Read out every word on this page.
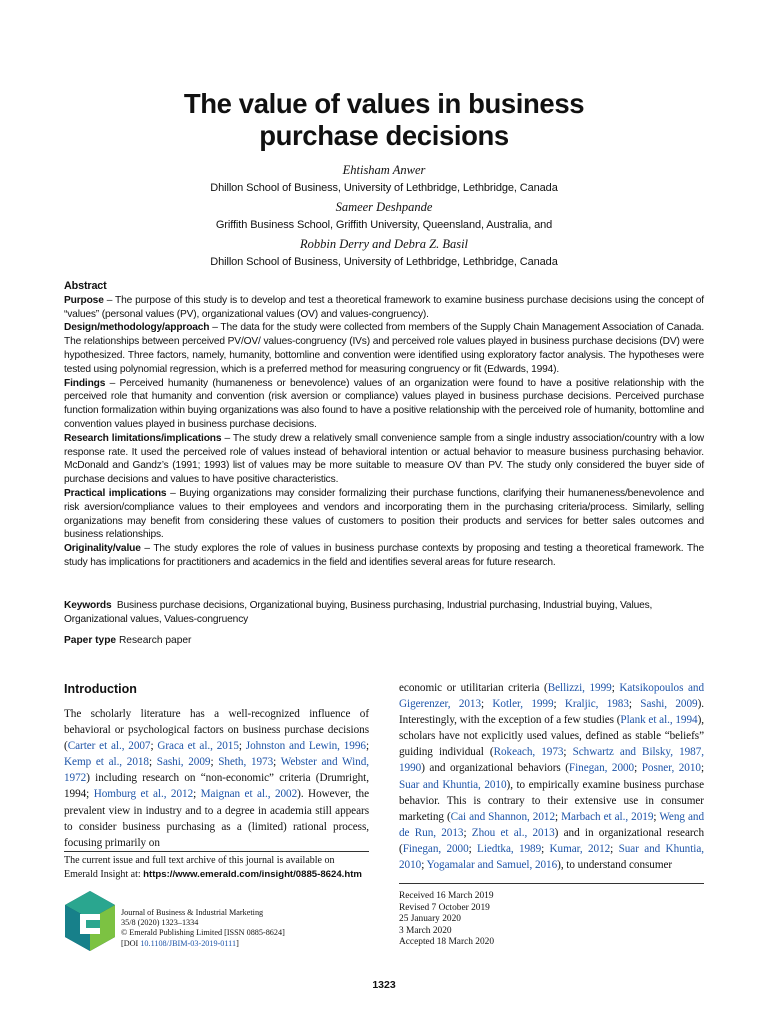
The value of values in business
purchase decisions
Ehtisham Anwer
Dhillon School of Business, University of Lethbridge, Lethbridge, Canada
Sameer Deshpande
Griffith Business School, Griffith University, Queensland, Australia, and
Robbin Derry and Debra Z. Basil
Dhillon School of Business, University of Lethbridge, Lethbridge, Canada

Abstract

Purpose – The purpose of this study is to develop and test a theoretical framework to examine business purchase decisions using the concept of “values” (personal values (PV), organizational values (OV) and values-congruency).

Design/methodology/approach – The data for the study were collected from members of the Supply Chain Management Association of Canada. The relationships between perceived PV/OV/ values-congruency (IVs) and perceived role values played in business purchase decisions (DV) were hypothesized. Three factors, namely, humanity, bottomline and convention were identified using exploratory factor analysis. The hypotheses were tested using polynomial regression, which is a preferred method for measuring congruency or fit (Edwards, 1994).

Findings – Perceived humanity (humaneness or benevolence) values of an organization were found to have a positive relationship with the perceived role that humanity and convention (risk aversion or compliance) values played in business purchase decisions. Perceived purchase function formalization within buying organizations was also found to have a positive relationship with the perceived role of humanity, bottomline and convention values played in business purchase decisions.

Research limitations/implications – The study drew a relatively small convenience sample from a single industry association/country with a low response rate. It used the perceived role of values instead of behavioral intention or actual behavior to measure business purchasing behavior. McDonald and Gandz’s (1991; 1993) list of values may be more suitable to measure OV than PV. The study only considered the buyer side of purchase decisions and values to have positive characteristics.

Practical implications – Buying organizations may consider formalizing their purchase functions, clarifying their humaneness/benevolence and risk aversion/compliance values to their employees and vendors and incorporating them in the purchasing criteria/process. Similarly, selling organizations may benefit from considering these values of customers to position their products and services for better sales outcomes and business relationships.

Originality/value – The study explores the role of values in business purchase contexts by proposing and testing a theoretical framework. The study has implications for practitioners and academics in the field and identifies several areas for future research.

Keywords Business purchase decisions, Organizational buying, Business purchasing, Industrial purchasing, Industrial buying, Values, Organizational values, Values-congruency
Paper type Research paper
Introduction

The scholarly literature has a well-recognized influence of behavioral or psychological factors on business purchase decisions (Carter et al., 2007; Graca et al., 2015; Johnston and Lewin, 1996; Kemp et al., 2018; Sashi, 2009; Sheth, 1973; Webster and Wind, 1972) including research on “non-economic” criteria (Drumright, 1994; Homburg et al., 2012; Maignan et al., 2002). However, the prevalent view in industry and to a degree in academia still appears to consider business purchasing as a (limited) rational process, focusing primarily on

economic or utilitarian criteria (Bellizzi, 1999; Katsikopoulos and Gigerenzer, 2013; Kotler, 1999; Kraljic, 1983; Sashi, 2009). Interestingly, with the exception of a few studies (Plank et al., 1994), scholars have not explicitly used values, defined as stable “beliefs” guiding individual (Rokeach, 1973; Schwartz and Bilsky, 1987, 1990) and organizational behaviors (Finegan, 2000; Posner, 2010; Suar and Khuntia, 2010), to empirically examine business purchase behavior. This is contrary to their extensive use in consumer marketing (Cai and Shannon, 2012; Marbach et al., 2019; Weng and de Run, 2013; Zhou et al., 2013) and in organizational research (Finegan, 2000; Liedtka, 1989; Kumar, 2012; Suar and Khuntia, 2010; Yogamalar and Samuel, 2016), to understand consumer

The current issue and full text archive of this journal is available on Emerald Insight at: https://www.emerald.com/insight/0885-8624.htm
Journal of Business & Industrial Marketing
35/8 (2020) 1323–1334
© Emerald Publishing Limited [ISSN 0885-8624]
[DOI 10.1108/JBIM-03-2019-0111]
Received 16 March 2019
Revised 7 October 2019
25 January 2020
3 March 2020
Accepted 18 March 2020
1323
